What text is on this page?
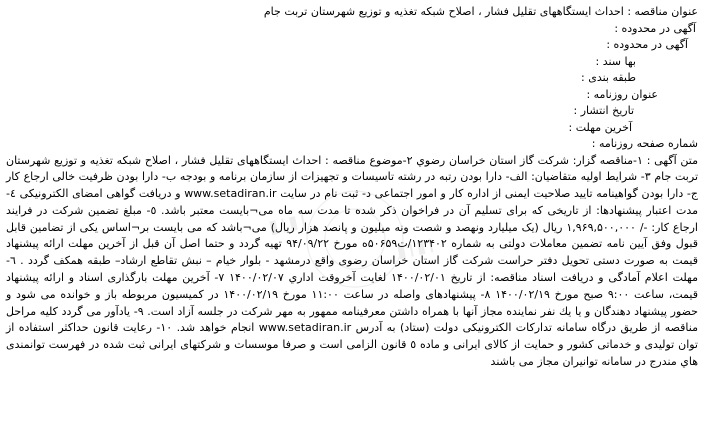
عنوان مناقصه : احداث ایستگاههای تقلیل فشار ، اصلاح شبکه تغذیه و توزیع شهرستان تربت جام
آگهی در محدوده :
آگهی در محدوده :
بها سند :
طبقه بندی :
عنوان روزنامه :
تاریخ انتشار :
آخرین مهلت :
شماره صفحه روزنامه :
متن آگهی : ۱-مناقصه گزار: شرکت گاز استان خراسان رضوي ۲-موضوع مناقصه : احداث ایستگاههای تقلیل فشار ، اصلاح شبکه تغذیه و توزیع شهرستان تربت جام ۳- شرایط اولیه متقاضیان: الف- دارا بودن رتبه در رشته تاسیسات و تجهیزات از سازمان برنامه و بودجه ب- دارا بودن ظرفیت خالی ارجاع کار ج- دارا بودن گواهینامه تایید صلاحیت ایمنی از اداره کار و امور اجتماعی د- ثبت نام در سایت www.setadiran.ir و دریافت گواهی امضای الکترونیکی ٤- مدت اعتبار پیشنهادها: از تاریخی که برای تسلیم آن در فراخوان ذکر شده تا مدت سه ماه می¬بایست معتبر باشد. ٥- مبلغ تضمین شرکت در فرایند ارجاع کار: -/ ۱,۹۶۹,۵۰۰,۰۰۰ ریال (یک میلیارد ونهصد و شصت ونه میلیون و پانصد هزار ریال) می¬باشد که می بایست بر¬اساس یکی از تضامین قابل قبول وفق آیین نامه تضمین معاملات دولتی به شماره ۱۲۳۴۰۲/ت۵۰۶۵۹ه مورخ ۹۴/۰۹/۲۲ تهیه گردد و حتما اصل آن قبل از آخرین مهلت ارائه پیشنهاد قیمت به صورت دستی تحویل دفتر حراست شرکت گاز استان خراسان رضوی واقع درمشهد - بلوار خیام – نبش تقاطع ارشاد– طبقه همکف گردد . ٦- مهلت اعلام آمادگی و دریافت اسناد مناقصه: از تاریخ ۱۴۰۰/۰۲/۰۱ لغایت آخروقت اداري ۱۴۰۰/۰۲/۰۷ ۷- آخرین مهلت بارگذاری اسناد و ارائه پیشنهاد قیمت، ساعت ۹:۰۰ صبح مورخ ۱۴۰۰/۰۲/۱۹ ۸- پیشنهادهای واصله در ساعت ۱۱:۰۰ مورخ ۱۴۰۰/۰۲/۱۹ در کمیسیون مربوطه باز و خوانده می شود و حضور پیشنهاد دهندگان و یا یك نفر نماینده مجاز آنها با همراه داشتن معرفینامه ممهور به مهر شرکت در جلسه آزاد است. ۹- یادآور می گردد کلیه مراحل مناقصه از طریق درگاه سامانه تدارکات الکترونیکی دولت (ستاد) به آدرس www.setadiran.ir انجام خواهد شد. ۱۰- رعایت قانون حداکثر استفاده از توان تولیدی و خدماتی کشور و حمایت از کالای ایرانی و ماده ٥ قانون الزامی است و صرفا موسسات و شرکتهای ایرانی ثبت شده در فهرست توانمندی هاي مندرج در سامانه توانیران مجاز می باشند
